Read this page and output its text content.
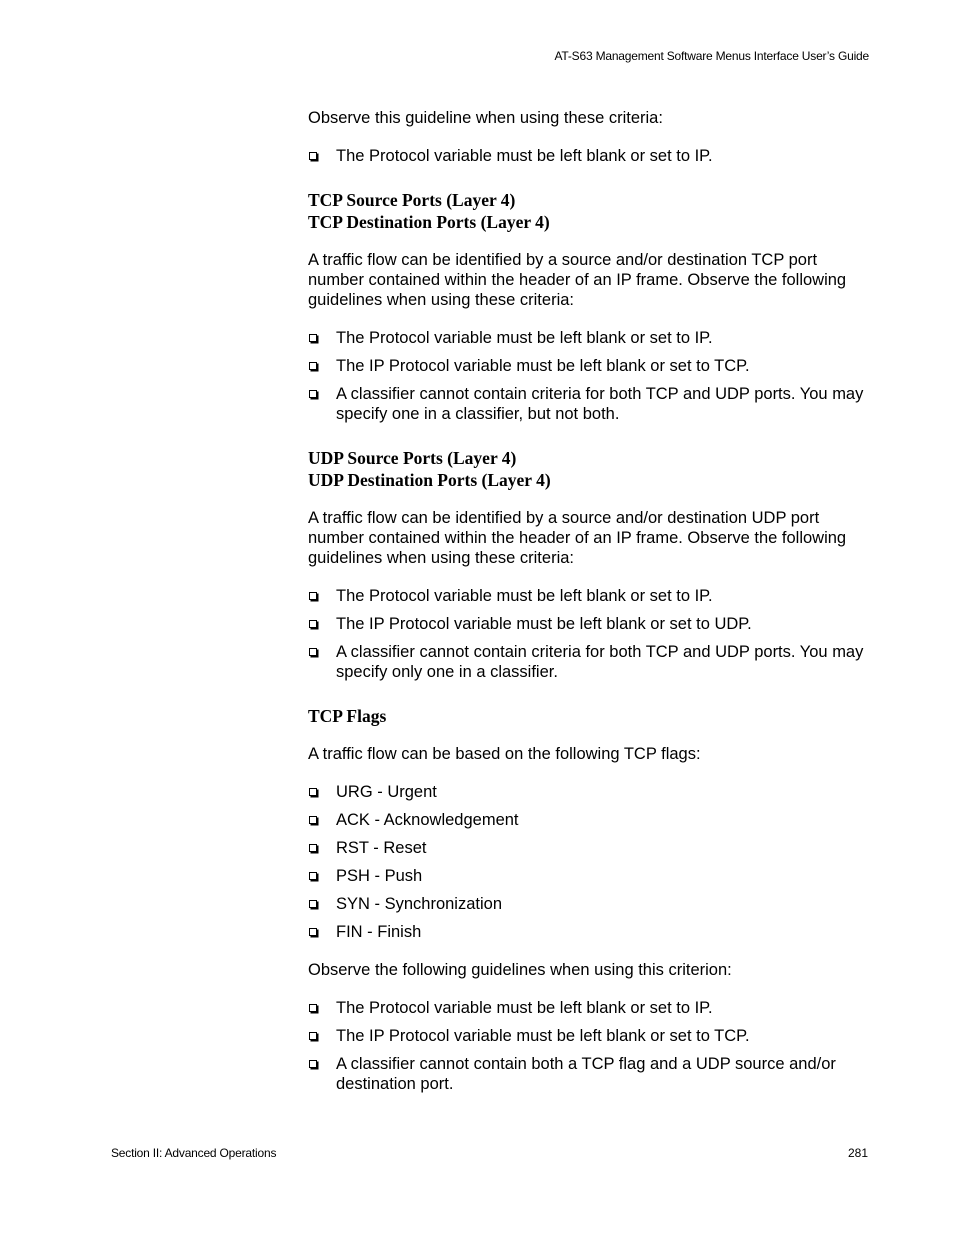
AT-S63 Management Software Menus Interface User’s Guide

Observe this guideline when using these criteria:

The Protocol variable must be left blank or set to IP.
TCP Source Ports (Layer 4)
TCP Destination Ports (Layer 4)

A traffic flow can be identified by a source and/or destination TCP port number contained within the header of an IP frame. Observe the following guidelines when using these criteria:

The Protocol variable must be left blank or set to IP.
The IP Protocol variable must be left blank or set to TCP.
A classifier cannot contain criteria for both TCP and UDP ports. You may specify one in a classifier, but not both.
UDP Source Ports (Layer 4)
UDP Destination Ports (Layer 4)

A traffic flow can be identified by a source and/or destination UDP port number contained within the header of an IP frame. Observe the following guidelines when using these criteria:

The Protocol variable must be left blank or set to IP.
The IP Protocol variable must be left blank or set to UDP.
A classifier cannot contain criteria for both TCP and UDP ports. You may specify only one in a classifier.
TCP Flags

A traffic flow can be based on the following TCP flags:

URG - Urgent
ACK - Acknowledgement
RST - Reset
PSH - Push
SYN - Synchronization
FIN - Finish

Observe the following guidelines when using this criterion:

The Protocol variable must be left blank or set to IP.
The IP Protocol variable must be left blank or set to TCP.
A classifier cannot contain both a TCP flag and a UDP source and/or destination port.
Section II: Advanced Operations	281
